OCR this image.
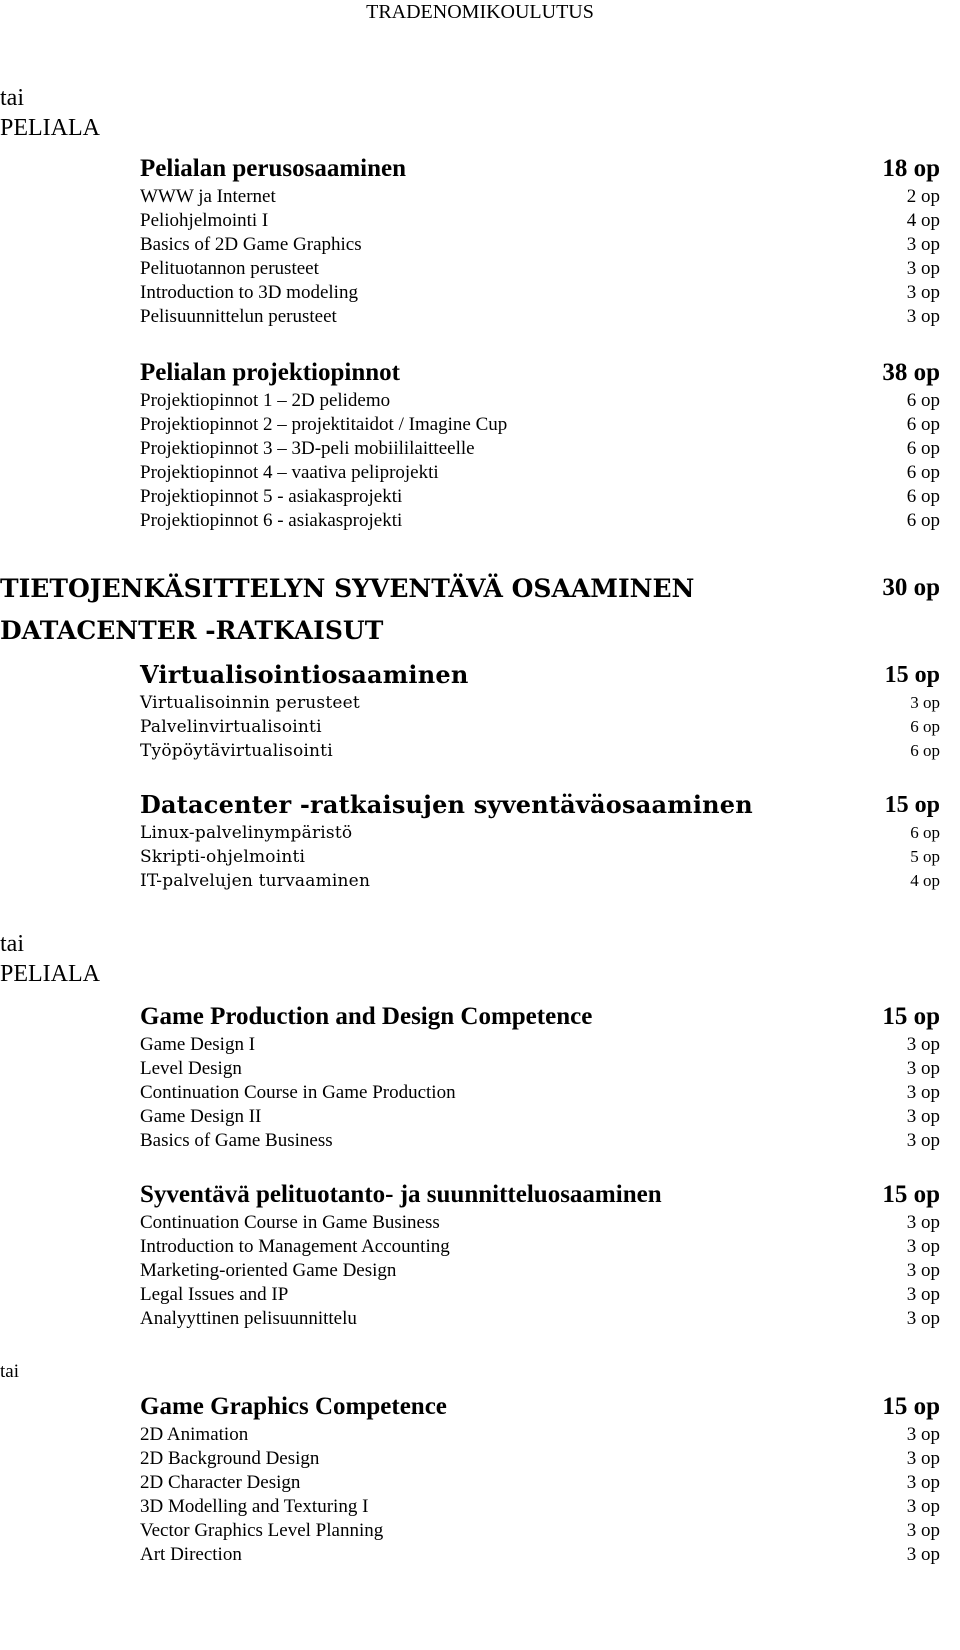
TRADENOMIKOULUTUS
tai
PELIALA
Pelialan perusosaaminen	18 op
WWW ja Internet	2 op
Peliohjelmointi I	4 op
Basics of 2D Game Graphics	3 op
Pelituotannon perusteet	3 op
Introduction to 3D modeling	3 op
Pelisuunnittelun perusteet	3 op
Pelialan projektiopinnot	38 op
Projektiopinnot 1 – 2D pelidemo	6 op
Projektiopinnot 2 – projektitaidot / Imagine Cup	6 op
Projektiopinnot 3 – 3D-peli mobiililaitteelle	6 op
Projektiopinnot 4 – vaativa peliprojekti	6 op
Projektiopinnot 5 - asiakasprojekti	6 op
Projektiopinnot 6 - asiakasprojekti	6 op
TIETOJENKÄSITTELYN SYVENTÄVÄ OSAAMINEN	30 op
DATACENTER -RATKAISUT
Virtualisointiosaaminen	15 op
Virtualisoinnin perusteet	3 op
Palvelinvirtualisointi	6 op
Työpöytävirtualisointi	6 op
Datacenter -ratkaisujen syventäväosaaminen	15 op
Linux-palvelinympäristö	6 op
Skripti-ohjelmointi	5 op
IT-palvelujen turvaaminen	4 op
tai
PELIALA
Game Production and Design Competence	15 op
Game Design I	3 op
Level Design	3 op
Continuation Course in Game Production	3 op
Game Design II	3 op
Basics of Game Business	3 op
Syventävä pelituotanto- ja suunnitteluosaaminen	15 op
Continuation Course in Game Business	3 op
Introduction to Management Accounting	3 op
Marketing-oriented Game Design	3 op
Legal Issues and IP	3 op
Analyyttinen pelisuunnittelu	3 op
tai
Game Graphics Competence	15 op
2D Animation	3 op
2D Background Design	3 op
2D Character Design	3 op
3D Modelling and Texturing I	3 op
Vector Graphics Level Planning	3 op
Art Direction	3 op
